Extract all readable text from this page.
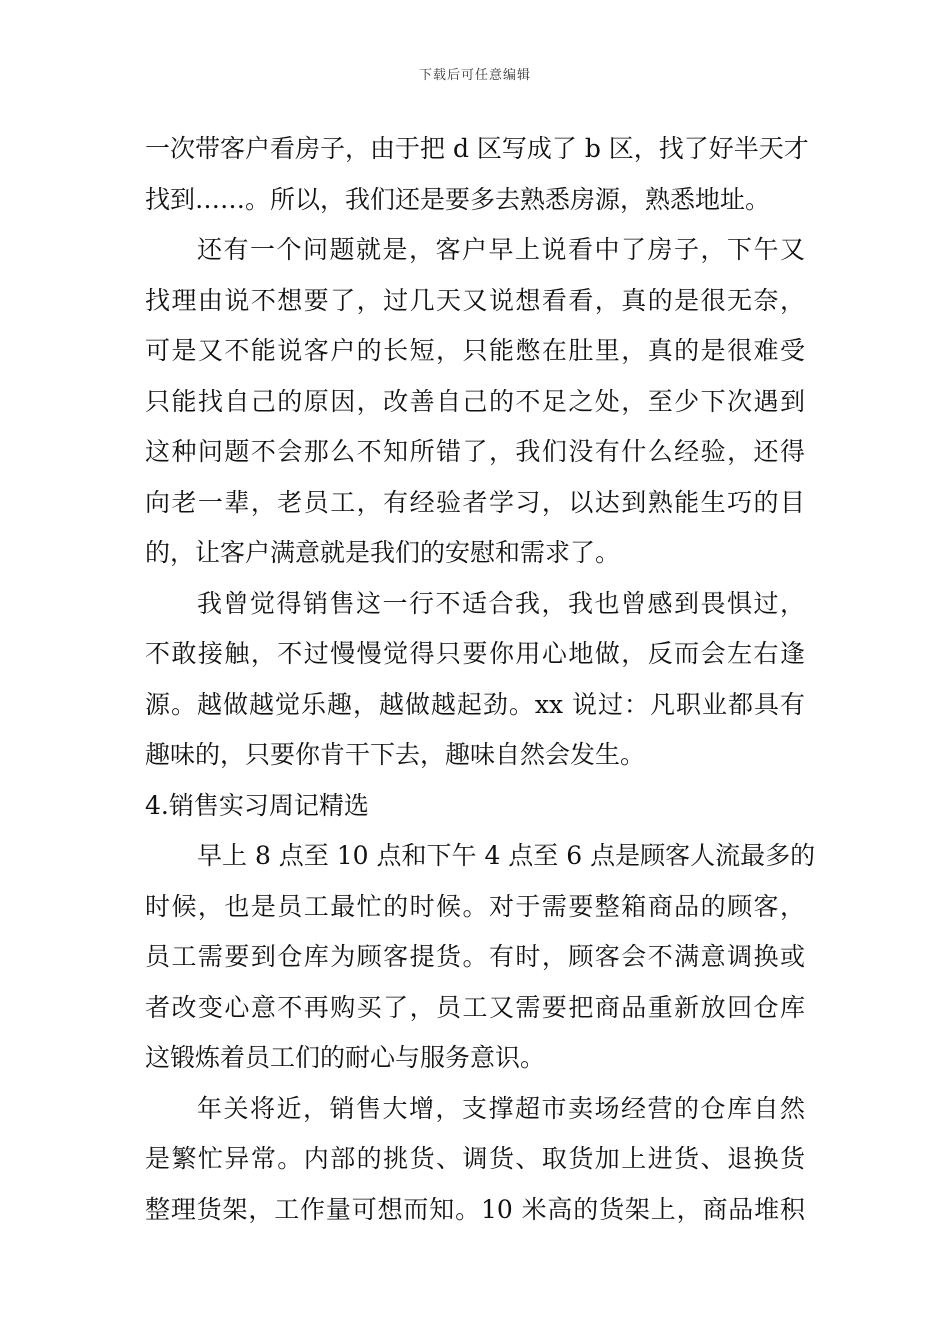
下载后可任意编辑
一次带客户看房子，由于把 d 区写成了 b 区，找了好半天才
找到……。所以，我们还是要多去熟悉房源，熟悉地址。
还有一个问题就是，客户早上说看中了房子，下午又
找理由说不想要了，过几天又说想看看，真的是很无奈，
可是又不能说客户的长短，只能憋在肚里，真的是很难受
只能找自己的原因，改善自己的不足之处，至少下次遇到
这种问题不会那么不知所错了，我们没有什么经验，还得
向老一辈，老员工，有经验者学习，以达到熟能生巧的目
的，让客户满意就是我们的安慰和需求了。
我曾觉得销售这一行不适合我，我也曾感到畏惧过，
不敢接触，不过慢慢觉得只要你用心地做，反而会左右逢
源。越做越觉乐趣，越做越起劲。xx 说过：凡职业都具有
趣味的，只要你肯干下去，趣味自然会发生。
4.销售实习周记精选
早上 8 点至 10 点和下午 4 点至 6 点是顾客人流最多的
时候，也是员工最忙的时候。对于需要整箱商品的顾客，
员工需要到仓库为顾客提货。有时，顾客会不满意调换或
者改变心意不再购买了，员工又需要把商品重新放回仓库
这锻炼着员工们的耐心与服务意识。
年关将近，销售大增，支撑超市卖场经营的仓库自然
是繁忙异常。内部的挑货、调货、取货加上进货、退换货
整理货架，工作量可想而知。10 米高的货架上，商品堆积
